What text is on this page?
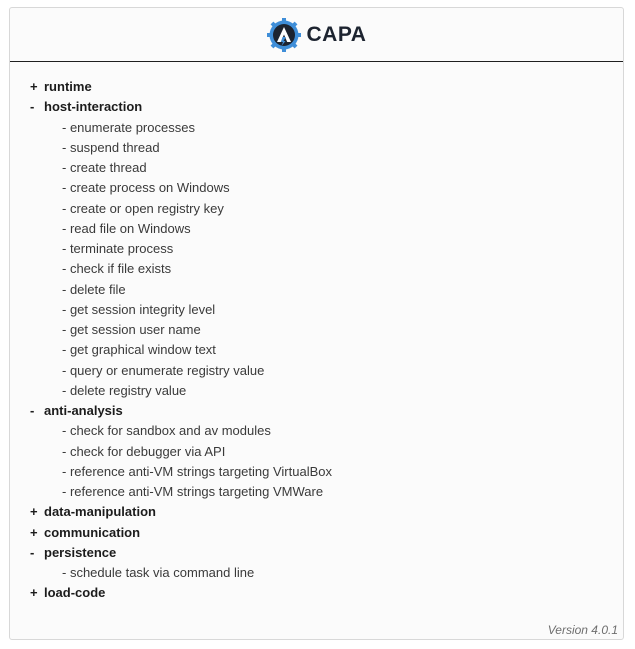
CAPA
+ runtime
- host-interaction
- enumerate processes
- suspend thread
- create thread
- create process on Windows
- create or open registry key
- read file on Windows
- terminate process
- check if file exists
- delete file
- get session integrity level
- get session user name
- get graphical window text
- query or enumerate registry value
- delete registry value
- anti-analysis
- check for sandbox and av modules
- check for debugger via API
- reference anti-VM strings targeting VirtualBox
- reference anti-VM strings targeting VMWare
+ data-manipulation
+ communication
- persistence
- schedule task via command line
+ load-code
Version 4.0.1
